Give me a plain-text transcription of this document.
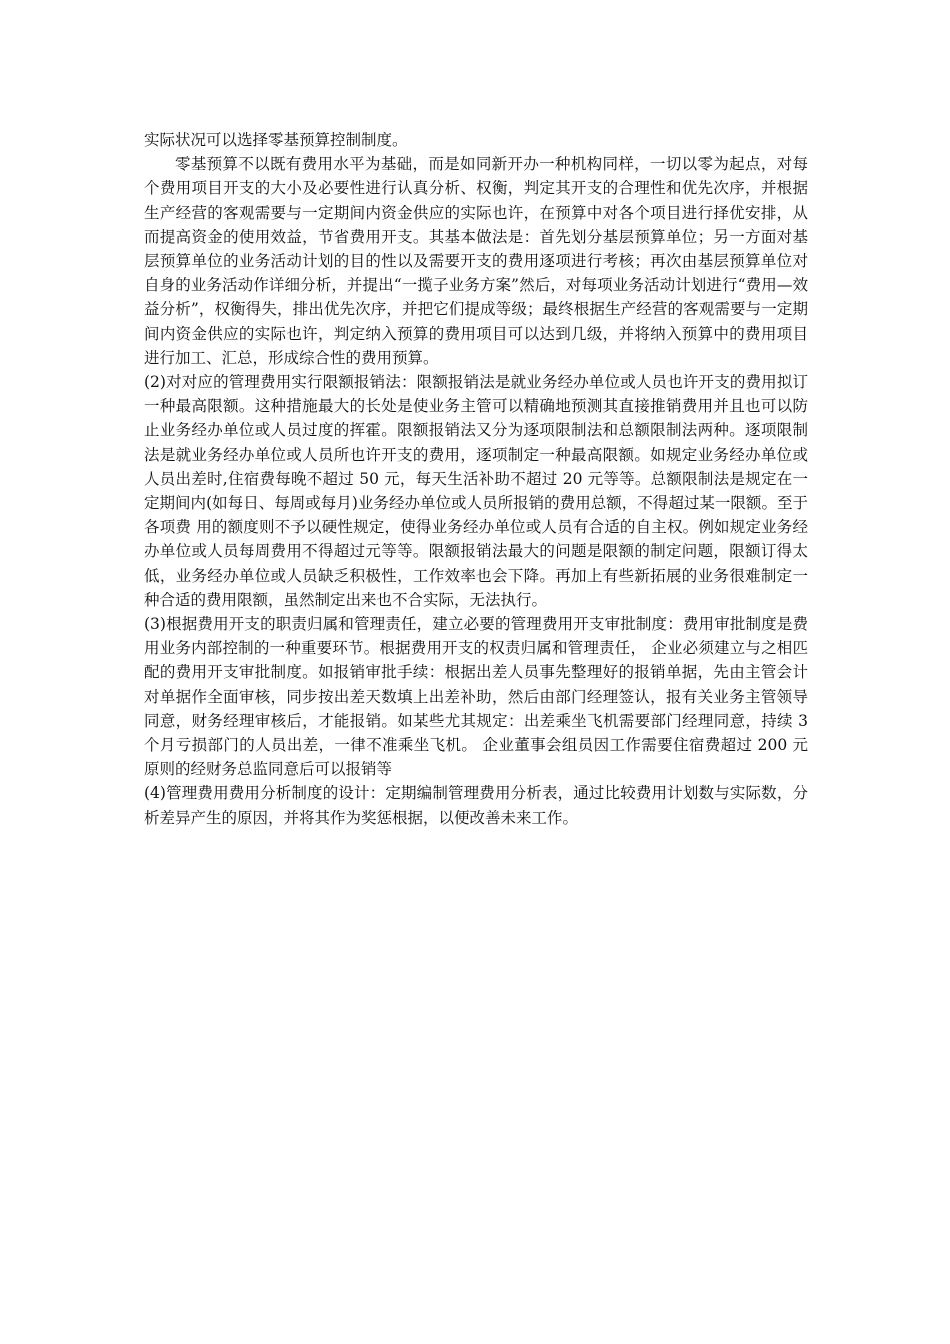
实际状况可以选择零基预算控制制度。

零基预算不以既有费用水平为基础，而是如同新开办一种机构同样，一切以零为起点，对每个费用项目开支的大小及必要性进行认真分析、权衡，判定其开支的合理性和优先次序，并根据生产经营的客观需要与一定期间内资金供应的实际也许，在预算中对各个项目进行择优安排，从而提高资金的使用效益，节省费用开支。其基本做法是：首先划分基层预算单位；另一方面对基层预算单位的业务活动计划的目的性以及需要开支的费用逐项进行考核；再次由基层预算单位对自身的业务活动作详细分析，并提出“一揽子业务方案”然后，对每项业务活动计划进行“费用—效益分析”，权衡得失，排出优先次序，并把它们提成等级；最终根据生产经营的客观需要与一定期间内资金供应的实际也许，判定纳入预算的费用项目可以达到几级，并将纳入预算中的费用项目进行加工、汇总，形成综合性的费用预算。

(2)对对应的管理费用实行限额报销法：限额报销法是就业务经办单位或人员也许开支的费用拟订一种最高限额。这种措施最大的长处是使业务主管可以精确地预测其直接推销费用并且也可以防止业务经办单位或人员过度的挥霍。限额报销法又分为逐项限制法和总额限制法两种。逐项限制法是就业务经办单位或人员所也许开支的费用，逐项制定一种最高限额。如规定业务经办单位或人员出差时,住宿费每晚不超过 50 元，每天生活补助不超过 20 元等等。总额限制法是规定在一定期间内(如每日、每周或每月)业务经办单位或人员所报销的费用总额，不得超过某一限额。至于各项费 用的额度则不予以硬性规定，使得业务经办单位或人员有合适的自主权。例如规定业务经办单位或人员每周费用不得超过元等等。限额报销法最大的问题是限额的制定问题，限额订得太低，业务经办单位或人员缺乏积极性，工作效率也会下降。再加上有些新拓展的业务很难制定一种合适的费用限额，虽然制定出来也不合实际，无法执行。

(3)根据费用开支的职责归属和管理责任，建立必要的管理费用开支审批制度：费用审批制度是费用业务内部控制的一种重要环节。根据费用开支的权责归属和管理责任， 企业必须建立与之相匹配的费用开支审批制度。如报销审批手续：根据出差人员事先整理好的报销单据，先由主管会计对单据作全面审核，同步按出差天数填上出差补助，然后由部门经理签认，报有关业务主管领导同意，财务经理审核后，才能报销。如某些尤其规定：出差乘坐飞机需要部门经理同意，持续 3 个月亏损部门的人员出差，一律不准乘坐飞机。 企业董事会组员因工作需要住宿费超过 200 元原则的经财务总监同意后可以报销等

(4)管理费用费用分析制度的设计：定期编制管理费用分析表，通过比较费用计划数与实际数，分析差异产生的原因，并将其作为奖惩根据，以便改善未来工作。
